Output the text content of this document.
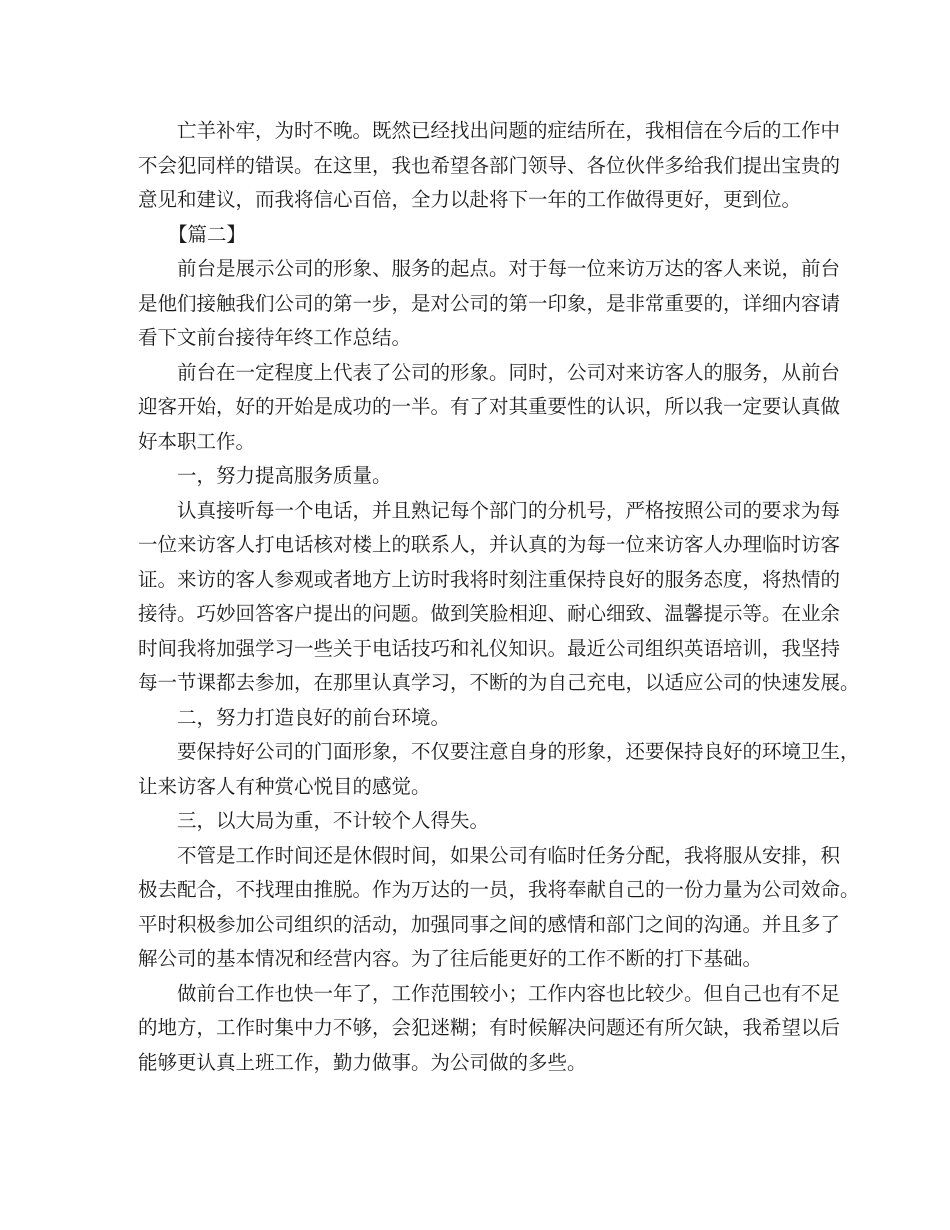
亡羊补牢，为时不晚。既然已经找出问题的症结所在，我相信在今后的工作中
不会犯同样的错误。在这里，我也希望各部门领导、各位伙伴多给我们提出宝贵的
意见和建议，而我将信心百倍，全力以赴将下一年的工作做得更好，更到位。
【篇二】
前台是展示公司的形象、服务的起点。对于每一位来访万达的客人来说，前台
是他们接触我们公司的第一步，是对公司的第一印象，是非常重要的，详细内容请
看下文前台接待年终工作总结。
前台在一定程度上代表了公司的形象。同时，公司对来访客人的服务，从前台
迎客开始，好的开始是成功的一半。有了对其重要性的认识，所以我一定要认真做
好本职工作。
一，努力提高服务质量。
认真接听每一个电话，并且熟记每个部门的分机号，严格按照公司的要求为每
一位来访客人打电话核对楼上的联系人，并认真的为每一位来访客人办理临时访客
证。来访的客人参观或者地方上访时我将时刻注重保持良好的服务态度，将热情的
接待。巧妙回答客户提出的问题。做到笑脸相迎、耐心细致、温馨提示等。在业余
时间我将加强学习一些关于电话技巧和礼仪知识。最近公司组织英语培训，我坚持
每一节课都去参加，在那里认真学习，不断的为自己充电，以适应公司的快速发展。
二，努力打造良好的前台环境。
要保持好公司的门面形象，不仅要注意自身的形象，还要保持良好的环境卫生，
让来访客人有种赏心悦目的感觉。
三，以大局为重，不计较个人得失。
不管是工作时间还是休假时间，如果公司有临时任务分配，我将服从安排，积
极去配合，不找理由推脱。作为万达的一员，我将奉献自己的一份力量为公司效命。
平时积极参加公司组织的活动，加强同事之间的感情和部门之间的沟通。并且多了
解公司的基本情况和经营内容。为了往后能更好的工作不断的打下基础。
做前台工作也快一年了，工作范围较小；工作内容也比较少。但自己也有不足
的地方，工作时集中力不够，会犯迷糊；有时候解决问题还有所欠缺，我希望以后
能够更认真上班工作，勤力做事。为公司做的多些。
